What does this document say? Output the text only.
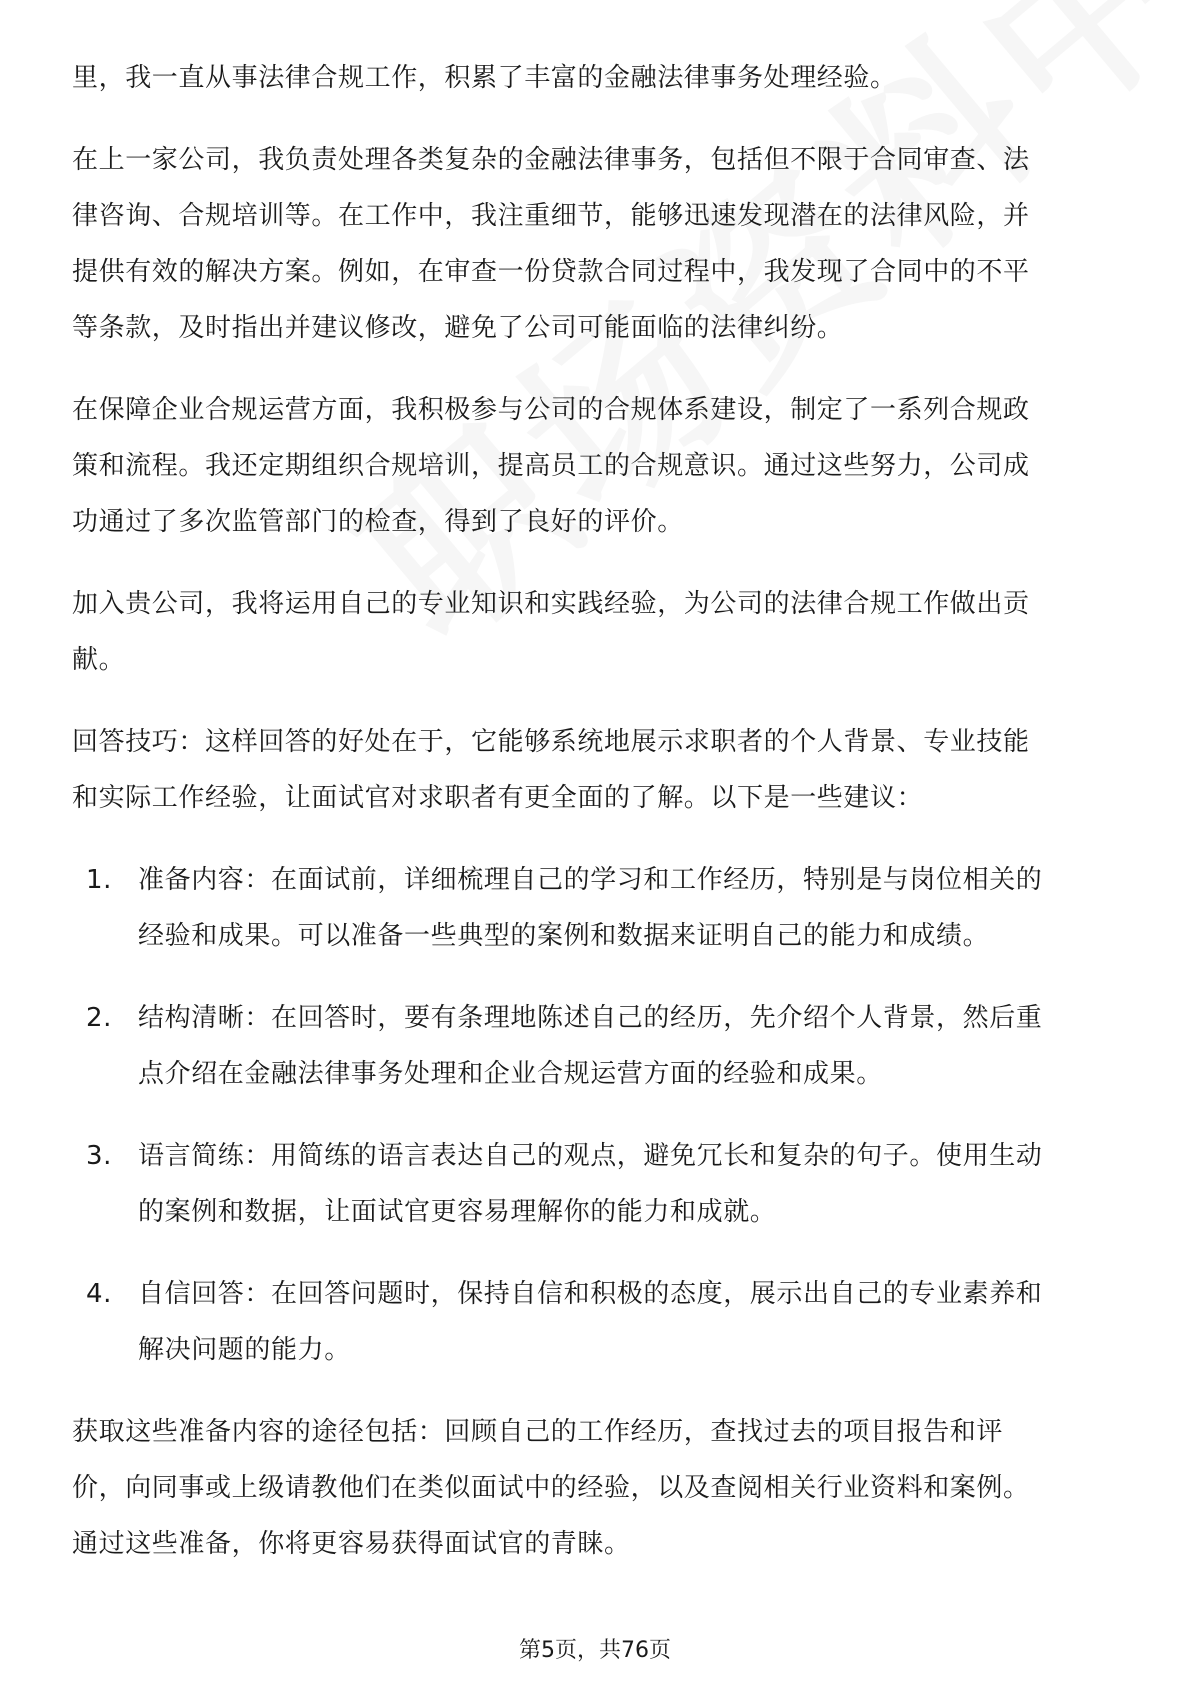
里，我一直从事法律合规工作，积累了丰富的金融法律事务处理经验。
在上一家公司，我负责处理各类复杂的金融法律事务，包括但不限于合同审查、法
律咨询、合规培训等。在工作中，我注重细节，能够迅速发现潜在的法律风险，并
提供有效的解决方案。例如，在审查一份贷款合同过程中，我发现了合同中的不平
等条款，及时指出并建议修改，避免了公司可能面临的法律纠纷。
在保障企业合规运营方面，我积极参与公司的合规体系建设，制定了一系列合规政
策和流程。我还定期组织合规培训，提高员工的合规意识。通过这些努力，公司成
功通过了多次监管部门的检查，得到了良好的评价。
加入贵公司，我将运用自己的专业知识和实践经验，为公司的法律合规工作做出贡
献。
回答技巧：这样回答的好处在于，它能够系统地展示求职者的个人背景、专业技能
和实际工作经验，让面试官对求职者有更全面的了解。以下是一些建议：
1. 准备内容：在面试前，详细梳理自己的学习和工作经历，特别是与岗位相关的
经验和成果。可以准备一些典型的案例和数据来证明自己的能力和成绩。
2. 结构清晰：在回答时，要有条理地陈述自己的经历，先介绍个人背景，然后重
点介绍在金融法律事务处理和企业合规运营方面的经验和成果。
3. 语言简练：用简练的语言表达自己的观点，避免冗长和复杂的句子。使用生动
的案例和数据，让面试官更容易理解你的能力和成就。
4. 自信回答：在回答问题时，保持自信和积极的态度，展示出自己的专业素养和
解决问题的能力。
获取这些准备内容的途径包括：回顾自己的工作经历，查找过去的项目报告和评
价，向同事或上级请教他们在类似面试中的经验，以及查阅相关行业资料和案例。
通过这些准备，你将更容易获得面试官的青睐。
第5页，共76页
